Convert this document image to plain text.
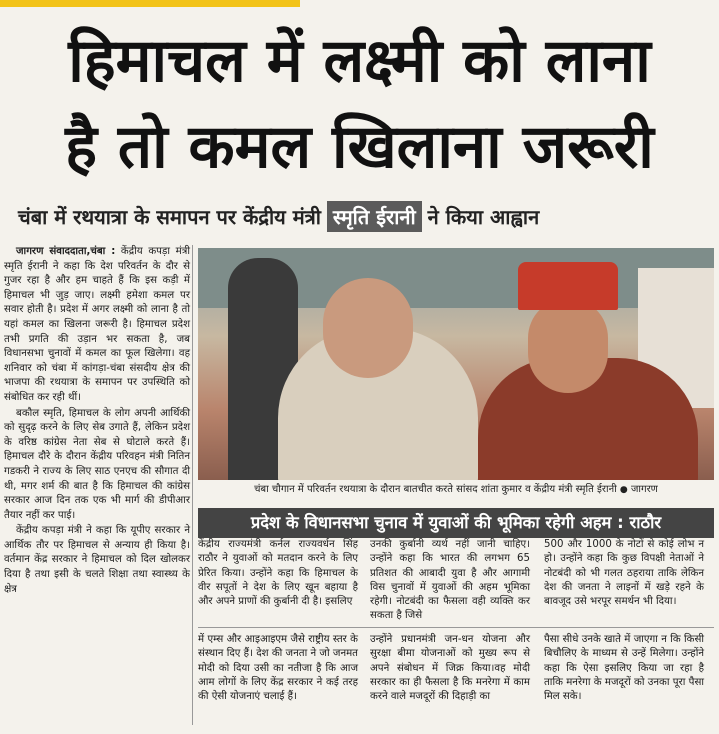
हिमाचल में लक्ष्मी को लाना
है तो कमल खिलाना जरूरी
चंबा में रथयात्रा के समापन पर केंद्रीय मंत्री स्मृति ईरानी ने किया आह्वान

जागरण संवाददाता,चंबा : केंद्रीय कपड़ा मंत्री स्मृति ईरानी ने कहा कि देश परिवर्तन के दौर से गुजर रहा है और हम चाहते हैं कि इस कड़ी में हिमाचल भी जुड़ जाए। लक्ष्मी हमेशा कमल पर सवार होती है। प्रदेश में अगर लक्ष्मी को लाना है तो यहां कमल का खिलना जरूरी है। हिमाचल प्रदेश तभी प्रगति की उड़ान भर सकता है, जब विधानसभा चुनावों में कमल का फूल खिलेगा। वह शनिवार को चंबा में कांगड़ा-चंबा संसदीय क्षेत्र की भाजपा की रथयात्रा के समापन पर उपस्थिति को संबोधित कर रही थीं।

बकौल स्मृति, हिमाचल के लोग अपनी आर्थिकी को सुदृढ़ करने के लिए सेब उगाते हैं, लेकिन प्रदेश के वरिष्ठ कांग्रेस नेता सेब से घोटाले करते हैं। हिमाचल दौरे के दौरान केंद्रीय परिवहन मंत्री नितिन गडकरी ने राज्य के लिए साठ एनएच की सौगात दी थी, मगर शर्म की बात है कि हिमाचल की कांग्रेस सरकार आज दिन तक एक भी मार्ग की डीपीआर तैयार नहीं कर पाई।

केंद्रीय कपड़ा मंत्री ने कहा कि यूपीए सरकार ने आर्थिक तौर पर हिमाचल से अन्याय ही किया है। वर्तमान केंद्र सरकार ने हिमाचल को दिल खोलकर दिया है तथा इसी के चलते शिक्षा तथा स्वास्थ्य के क्षेत्र

चंबा चौगान में परिवर्तन रथयात्रा के दौरान बातचीत करते सांसद शांता कुमार व केंद्रीय मंत्री स्मृति ईरानी ● जागरण
प्रदेश के विधानसभा चुनाव में युवाओं की भूमिका रहेगी अहम : राठौर

केंद्रीय राज्यमंत्री कर्नल राज्यवर्धन सिंह राठौर ने युवाओं को मतदान करने के लिए प्रेरित किया। उन्होंने कहा कि हिमाचल के वीर सपूतों ने देश के लिए खून बहाया है और अपने प्राणों की कुर्बानी दी है। इसलिए

उनकी कुर्बानी व्यर्थ नहीं जानी चाहिए। उन्होंने कहा कि भारत की लगभग 65 प्रतिशत की आबादी युवा है और आगामी विस चुनावों में युवाओं की अहम भूमिका रहेगी। नोटबंदी का फैसला वही व्यक्ति कर सकता है जिसे

500 और 1000 के नोटों से कोई लोभ न हो। उन्होंने कहा कि कुछ विपक्षी नेताओं ने नोटबंदी को भी गलत ठहराया ताकि लेकिन देश की जनता ने लाइनों में खड़े रहने के बावजूद उसे भरपूर समर्थन भी दिया।

में एम्स और आइआइएम जैसे राष्ट्रीय स्तर के संस्थान दिए हैं। देश की जनता ने जो जनमत मोदी को दिया उसी का नतीजा है कि आज आम लोगों के लिए केंद्र सरकार ने कई तरह की ऐसी योजनाएं चलाई हैं।
उन्होंने प्रधानमंत्री जन-धन योजना और सुरक्षा बीमा योजनाओं को मुख्य रूप से अपने संबोधन में जिक्र किया।वह मोदी सरकार का ही फैसला है कि मनरेगा में काम करने वाले मजदूरों की दिहाड़ी का
पैसा सीधे उनके खाते में जाएगा न कि किसी बिचौलिए के माध्यम से उन्हें मिलेगा। उन्होंने कहा कि ऐसा इसलिए किया जा रहा है ताकि मनरेगा के मजदूरों को उनका पूरा पैसा मिल सके।
